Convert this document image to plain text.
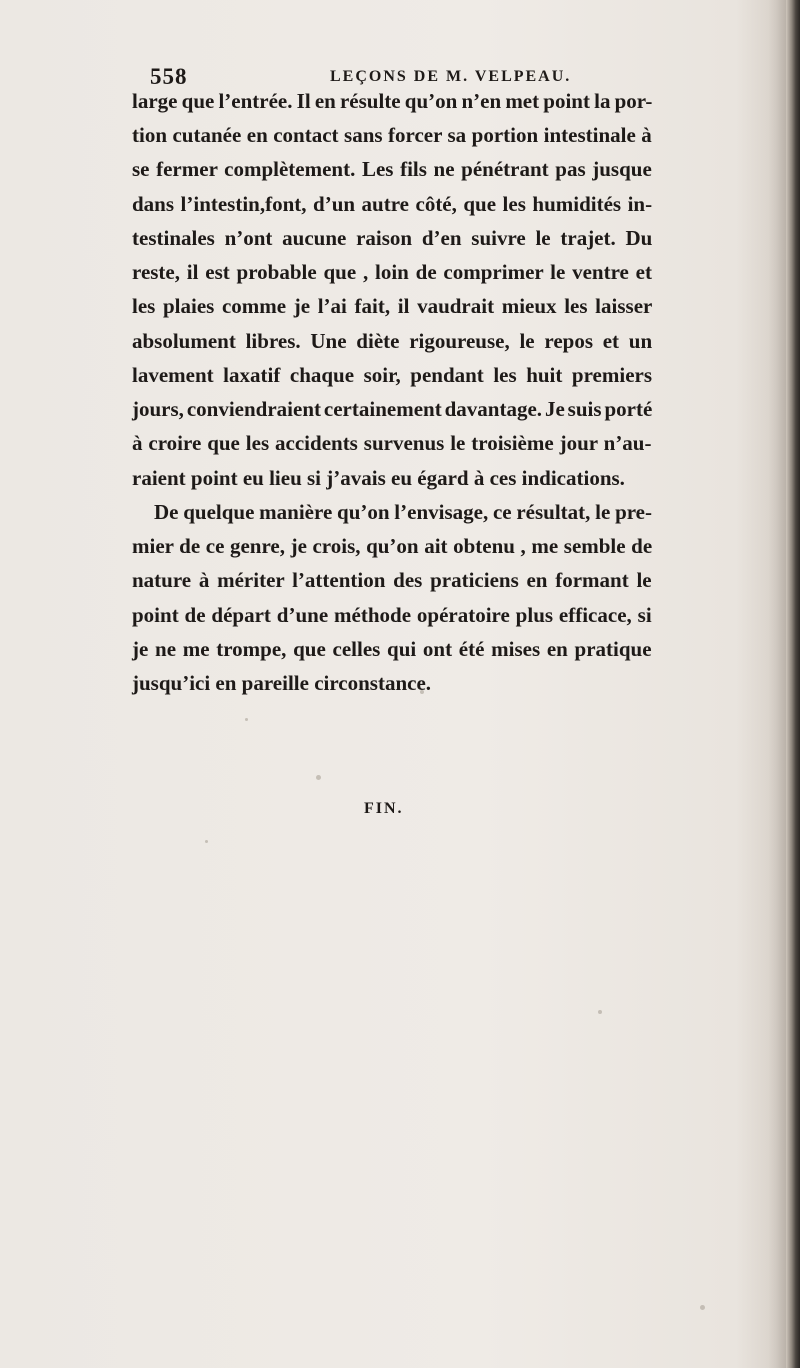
558	LEÇONS DE M. VELPEAU.
large que l’entrée. Il en résulte qu’on n’en met point la por-
tion cutanée en contact sans forcer sa portion intestinale à
se fermer complètement. Les fils ne pénétrant pas jusque
dans l’intestin,font, d’un autre côté, que les humidités in-
testinales n’ont aucune raison d’en suivre le trajet. Du
reste, il est probable que , loin de comprimer le ventre et
les plaies comme je l’ai fait, il vaudrait mieux les laisser
absolument libres. Une diète rigoureuse, le repos et un
lavement laxatif chaque soir, pendant les huit premiers
jours, conviendraient certainement davantage. Je suis porté
à croire que les accidents survenus le troisième jour n’au-
raient point eu lieu si j’avais eu égard à ces indications.
De quelque manière qu’on l’envisage, ce résultat, le pre-
mier de ce genre, je crois, qu’on ait obtenu , me semble de
nature à mériter l’attention des praticiens en formant le
point de départ d’une méthode opératoire plus efficace, si
je ne me trompe, que celles qui ont été mises en pratique
jusqu’ici en pareille circonstance.
FIN.
